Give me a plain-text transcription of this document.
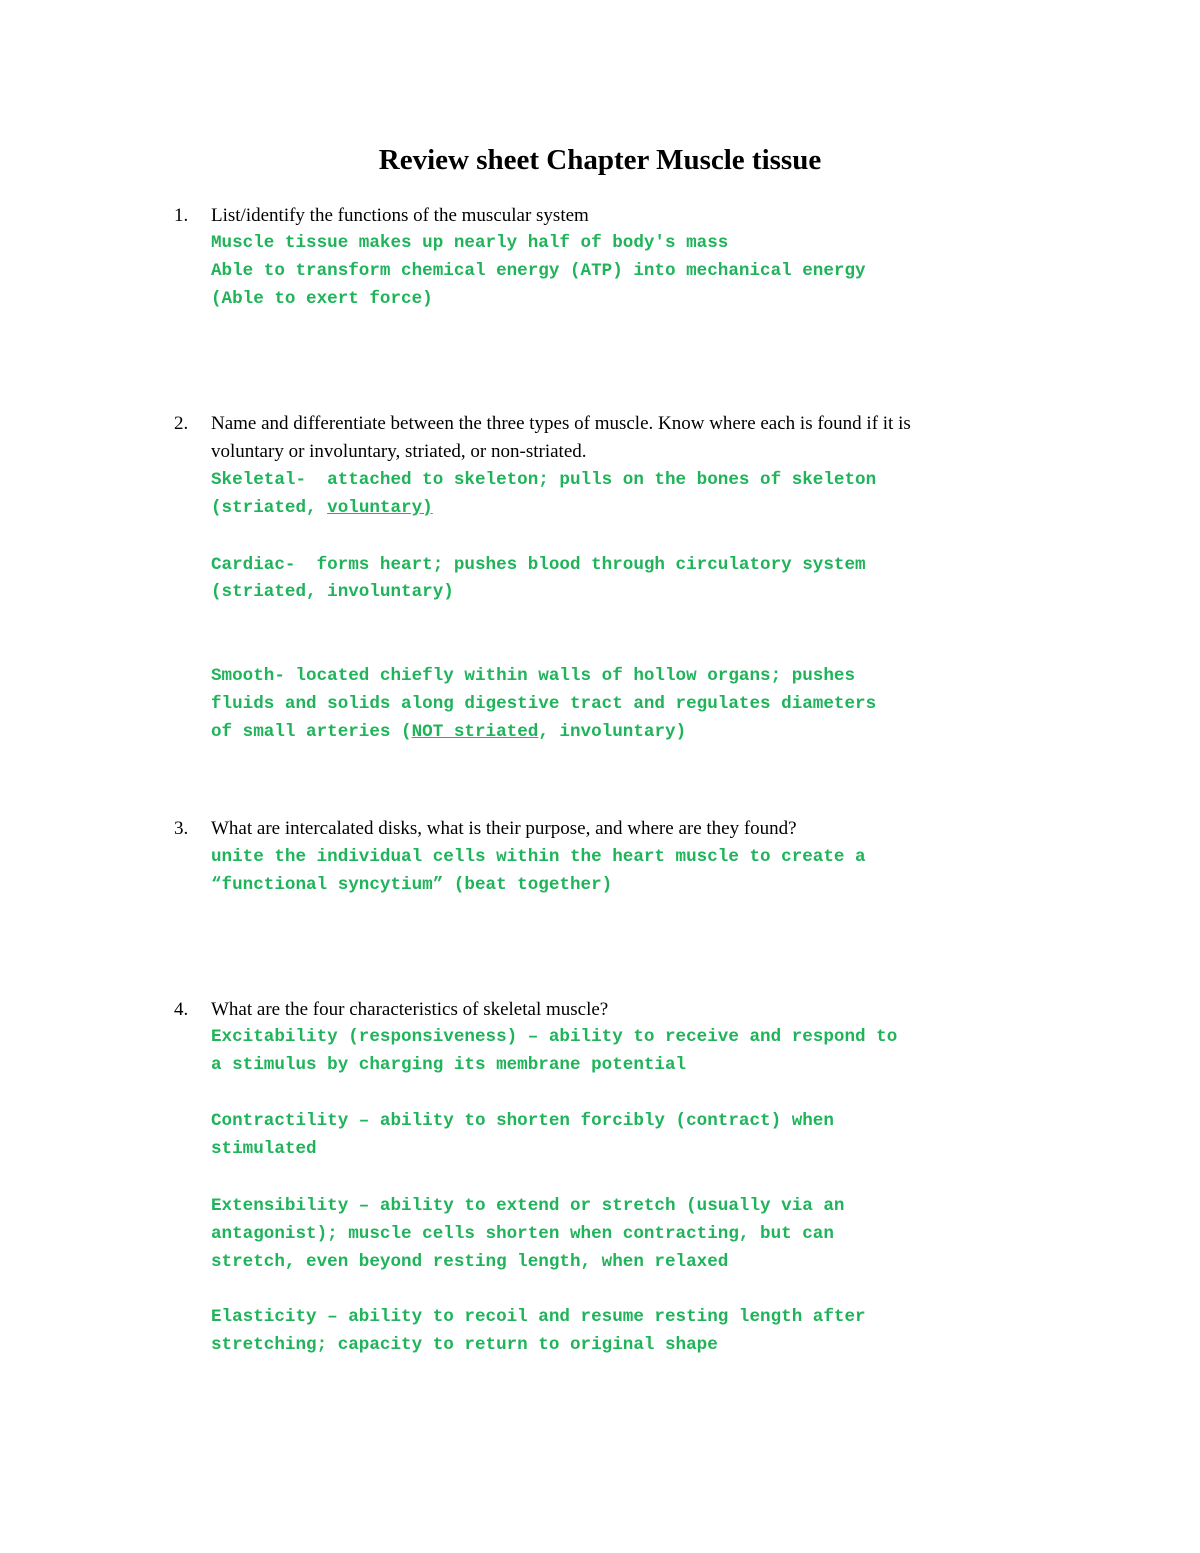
Review sheet Chapter Muscle tissue
1. List/identify the functions of the muscular system
Muscle tissue makes up nearly half of body's mass
Able to transform chemical energy (ATP) into mechanical energy
(Able to exert force)
2. Name and differentiate between the three types of muscle. Know where each is found if it is
voluntary or involuntary, striated, or non-striated.
Skeletal-  attached to skeleton; pulls on the bones of skeleton
(striated, voluntary)
Cardiac-  forms heart; pushes blood through circulatory system
(striated, involuntary)
Smooth- located chiefly within walls of hollow organs; pushes
fluids and solids along digestive tract and regulates diameters
of small arteries (NOT striated, involuntary)
3. What are intercalated disks, what is their purpose, and where are they found?
unite the individual cells within the heart muscle to create a
“functional syncytium” (beat together)
4. What are the four characteristics of skeletal muscle?
Excitability (responsiveness) – ability to receive and respond to
a stimulus by charging its membrane potential
Contractility – ability to shorten forcibly (contract) when
stimulated
Extensibility – ability to extend or stretch (usually via an
antagonist); muscle cells shorten when contracting, but can
stretch, even beyond resting length, when relaxed
Elasticity – ability to recoil and resume resting length after
stretching; capacity to return to original shape
